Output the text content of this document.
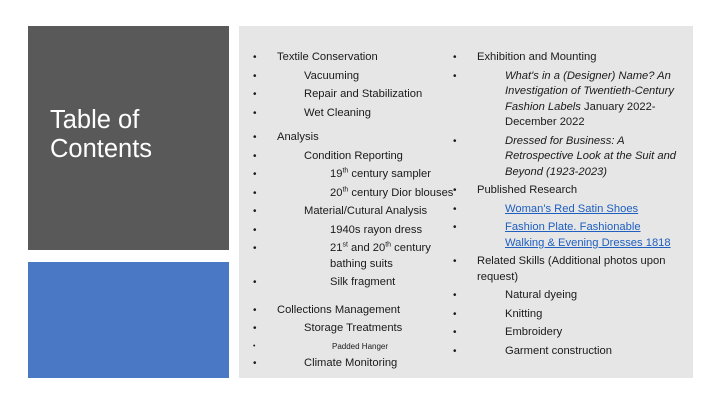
Table of Contents
• Textile Conservation
• Vacuuming
• Repair and Stabilization
• Wet Cleaning
• Analysis
• Condition Reporting
• 19th century sampler
• 20th century Dior blouses
• Material/Cutural Analysis
• 1940s rayon dress
• 21st and 20th century bathing suits
• Silk fragment
• Collections Management
• Storage Treatments
• Padded Hanger
• Climate Monitoring
• Exhibition and Mounting
• What's in a (Designer) Name? An Investigation of Twentieth-Century Fashion Labels January 2022-December 2022
• Dressed for Business: A Retrospective Look at the Suit and Beyond (1923-2023)
• Published Research
• Woman's Red Satin Shoes
• Fashion Plate. Fashionable Walking & Evening Dresses 1818
• Related Skills (Additional photos upon request)
• Natural dyeing
• Knitting
• Embroidery
• Garment construction
